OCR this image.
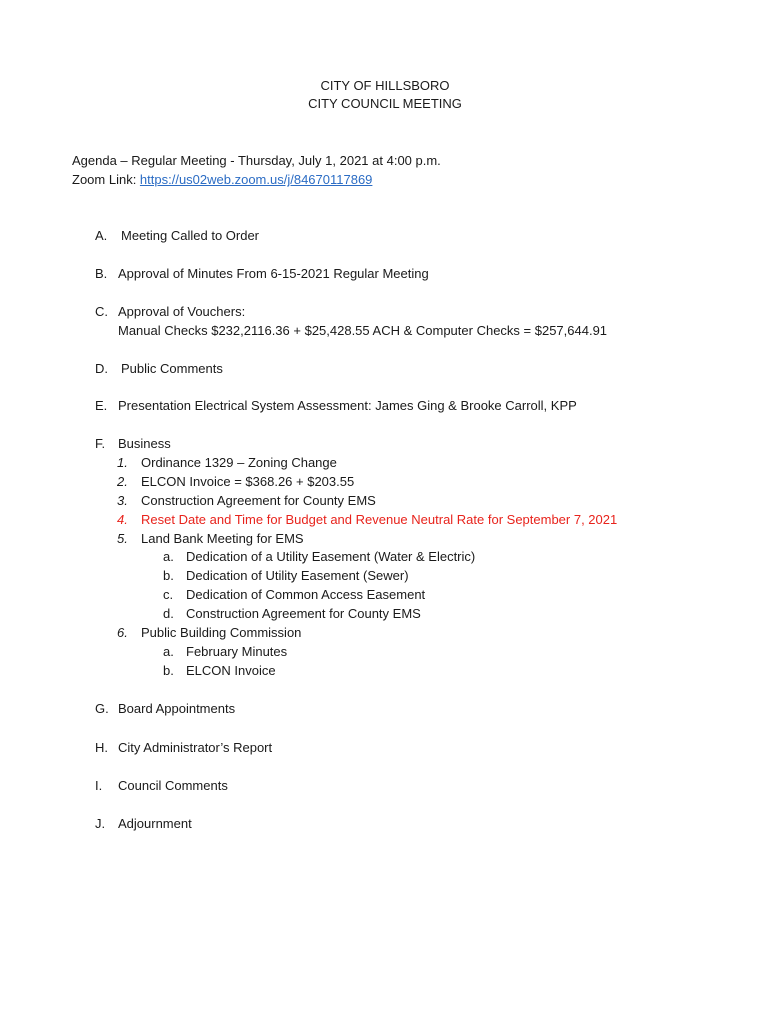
CITY OF HILLSBORO
CITY COUNCIL MEETING
Agenda – Regular Meeting - Thursday, July 1, 2021 at 4:00 p.m.
Zoom Link: https://us02web.zoom.us/j/84670117869
A. Meeting Called to Order
B. Approval of Minutes From 6-15-2021 Regular Meeting
C. Approval of Vouchers:
Manual Checks $232,2116.36 + $25,428.55 ACH & Computer Checks = $257,644.91
D. Public Comments
E. Presentation Electrical System Assessment: James Ging & Brooke Carroll, KPP
F. Business
1. Ordinance 1329 – Zoning Change
2. ELCON Invoice = $368.26 + $203.55
3. Construction Agreement for County EMS
4. Reset Date and Time for Budget and Revenue Neutral Rate for September 7, 2021
5. Land Bank Meeting for EMS
a. Dedication of a Utility Easement (Water & Electric)
b. Dedication of Utility Easement (Sewer)
c. Dedication of Common Access Easement
d. Construction Agreement for County EMS
6. Public Building Commission
a. February Minutes
b. ELCON Invoice
G. Board Appointments
H. City Administrator’s Report
I. Council Comments
J. Adjournment
